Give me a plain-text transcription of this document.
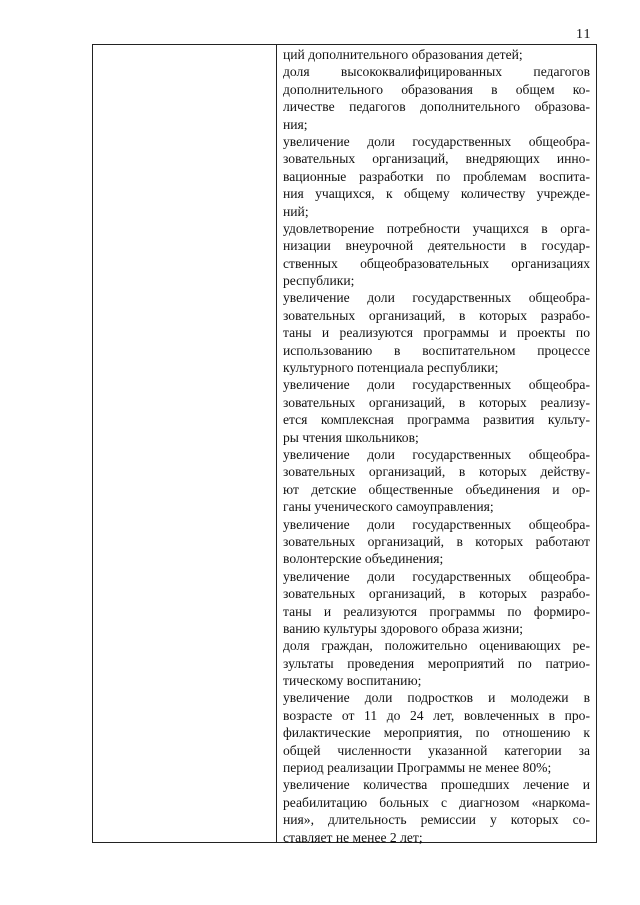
11
ций дополнительного образования детей;
доля высококвалифицированных педагогов
дополнительного образования в общем ко-
личестве педагогов дополнительного образова-
ния;
увеличение доли государственных общеобра-
зовательных организаций, внедряющих инно-
вационные разработки по проблемам воспита-
ния учащихся, к общему количеству учрежде-
ний;
удовлетворение потребности учащихся в орга-
низации внеурочной деятельности в государ-
ственных общеобразовательных организациях
республики;
увеличение доли государственных общеобра-
зовательных организаций, в которых разрабо-
таны и реализуются программы и проекты по
использованию в воспитательном процессе
культурного потенциала республики;
увеличение доли государственных общеобра-
зовательных организаций, в которых реализу-
ется комплексная программа развития культу-
ры чтения школьников;
увеличение доли государственных общеобра-
зовательных организаций, в которых действу-
ют детские общественные объединения и ор-
ганы ученического самоуправления;
увеличение доли государственных общеобра-
зовательных организаций, в которых работают
волонтерские объединения;
увеличение доли государственных общеобра-
зовательных организаций, в которых разрабо-
таны и реализуются программы по формиро-
ванию культуры здорового образа жизни;
доля граждан, положительно оценивающих ре-
зультаты проведения мероприятий по патрио-
тическому воспитанию;
увеличение доли подростков и молодежи в
возрасте от 11 до 24 лет, вовлеченных в про-
филактические мероприятия, по отношению к
общей численности указанной категории за
период реализации Программы не менее 80%;
увеличение количества прошедших лечение и
реабилитацию больных с диагнозом «наркома-
ния», длительность ремиссии у которых со-
ставляет не менее 2 лет;
